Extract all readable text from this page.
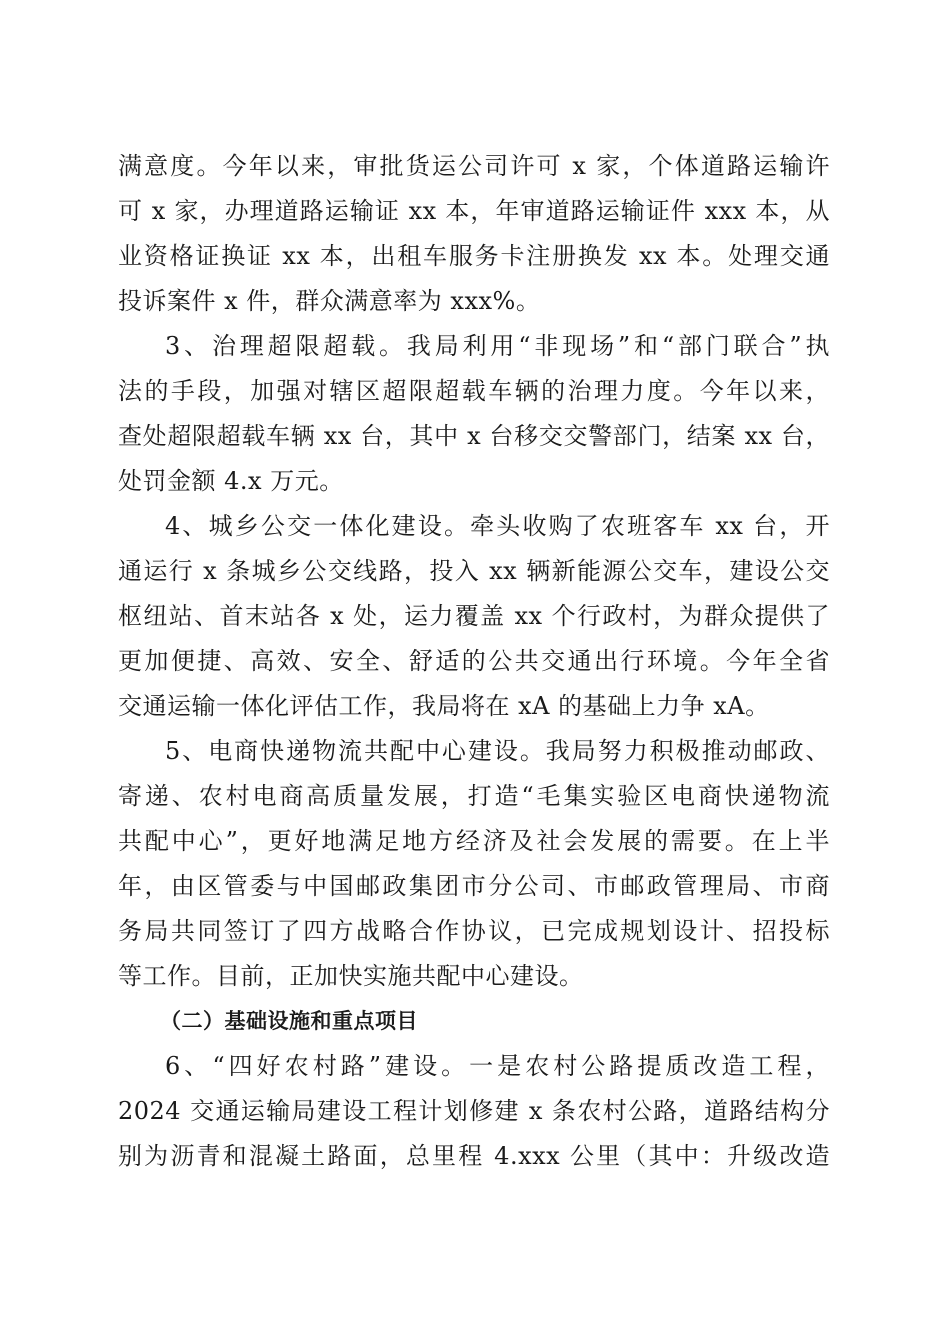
满意度。今年以来，审批货运公司许可 x 家，个体道路运输许
可 x 家，办理道路运输证 xx 本，年审道路运输证件 xxx 本，从
业资格证换证 xx 本，出租车服务卡注册换发 xx 本。处理交通
投诉案件 x 件，群众满意率为 xxx%。
3、治理超限超载。我局利用“非现场”和“部门联合”执
法的手段，加强对辖区超限超载车辆的治理力度。今年以来，
查处超限超载车辆 xx 台，其中 x 台移交交警部门，结案 xx 台，
处罚金额 4.x 万元。
4、城乡公交一体化建设。牵头收购了农班客车 xx 台，开
通运行 x 条城乡公交线路，投入 xx 辆新能源公交车，建设公交
枢纽站、首末站各 x 处，运力覆盖 xx 个行政村，为群众提供了
更加便捷、高效、安全、舒适的公共交通出行环境。今年全省
交通运输一体化评估工作，我局将在 xA 的基础上力争 xA。
5、电商快递物流共配中心建设。我局努力积极推动邮政、
寄递、农村电商高质量发展，打造“毛集实验区电商快递物流
共配中心”，更好地满足地方经济及社会发展的需要。在上半
年，由区管委与中国邮政集团市分公司、市邮政管理局、市商
务局共同签订了四方战略合作协议，已完成规划设计、招投标
等工作。目前，正加快实施共配中心建设。
（二）基础设施和重点项目
6、“四好农村路”建设。一是农村公路提质改造工程，
2024 交通运输局建设工程计划修建 x 条农村公路，道路结构分
别为沥青和混凝土路面，总里程 4.xxx 公里（其中：升级改造
